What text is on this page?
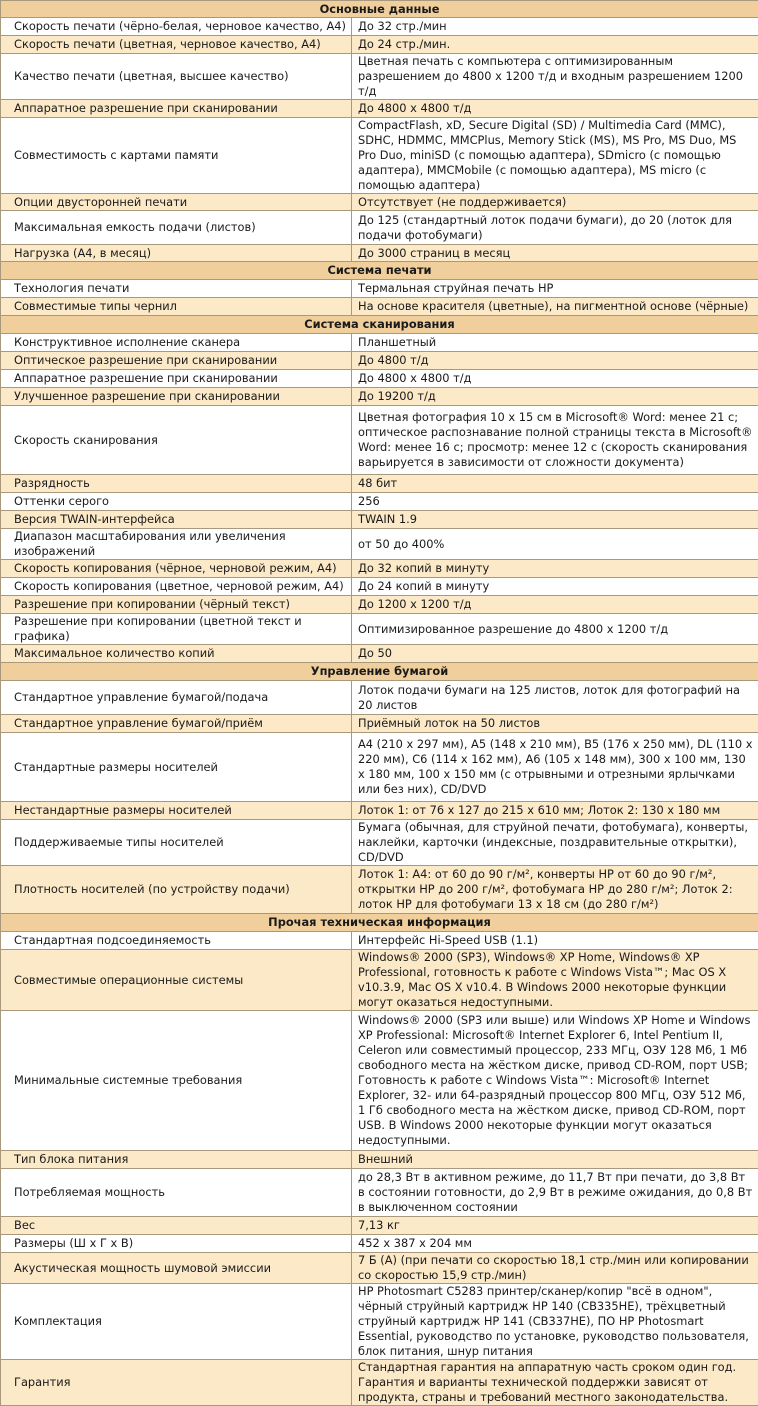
Основные данные	
Скорость печати (чёрно-белая, черновое качество, A4)	До 32 стр./мин
Скорость печати (цветная, черновое качество, A4)	До 24 стр./мин.
Качество печати (цветная, высшее качество)	Цветная печать с компьютера с оптимизированным разрешением до 4800 х 1200 т/д и входным разрешением 1200 т/д
Аппаратное разрешение при сканировании	До 4800 х 4800 т/д
Совместимость с картами памяти	CompactFlash, xD, Secure Digital (SD) / Multimedia Card (MMC), SDHC, HDMMC, MMCPlus, Memory Stick (MS), MS Pro, MS Duo, MS Pro Duo, miniSD (с помощью адаптера), SDmicro (с помощью адаптера), MMCMobile (с помощью адаптера), MS micro (с помощью адаптера)
Опции двусторонней печати	Отсутствует (не поддерживается)
Максимальная емкость подачи (листов)	До 125 (стандартный лоток подачи бумаги), до 20 (лоток для подачи фотобумаги)
Нагрузка (A4, в месяц)	До 3000 страниц в месяц
Система печати	
Технология печати	Термальная струйная печать HP
Совместимые типы чернил	На основе красителя (цветные), на пигментной основе (чёрные)
Система сканирования	
Конструктивное исполнение сканера	Планшетный
Оптическое разрешение при сканировании	До 4800 т/д
Аппаратное разрешение при сканировании	До 4800 х 4800 т/д
Улучшенное разрешение при сканировании	До 19200 т/д
Скорость сканирования	Цветная фотография 10 х 15 см в Microsoft® Word: менее 21 с; оптическое распознавание полной страницы текста в Microsoft® Word: менее 16 с; просмотр: менее 12 с (скорость сканирования варьируется в зависимости от сложности документа)
Разрядность	48 бит
Оттенки серого	256
Версия TWAIN-интерфейса	TWAIN 1.9
Диапазон масштабирования или увеличения изображений	от 50 до 400%
Скорость копирования (чёрное, черновой режим, А4)	До 32 копий в минуту
Скорость копирования (цветное, черновой режим, А4)	До 24 копий в минуту
Разрешение при копировании (чёрный текст)	До 1200 х 1200 т/д
Разрешение при копировании (цветной текст и графика)	Оптимизированное разрешение до 4800 х 1200 т/д
Максимальное количество копий	До 50
Управление бумагой	
Стандартное управление бумагой/подача	Лоток подачи бумаги на 125 листов, лоток для фотографий на 20 листов
Стандартное управление бумагой/приём	Приёмный лоток на 50 листов
Стандартные размеры носителей	A4 (210 x 297 мм), A5 (148 x 210 мм), B5 (176 x 250 мм), DL (110 x 220 мм), C6 (114 x 162 мм), A6 (105 x 148 мм), 300 х 100 мм, 130 х 180 мм, 100 х 150 мм (с отрывными и отрезными ярлычками или без них), CD/DVD
Нестандартные размеры носителей	Лоток 1: от 76 х 127 до 215 х 610 мм; Лоток 2: 130 х 180 мм
Поддерживаемые типы носителей	Бумага (обычная, для струйной печати, фотобумага), конверты, наклейки, карточки (индексные, поздравительные открытки), CD/DVD
Плотность носителей (по устройству подачи)	Лоток 1: A4: от 60 до 90 г/м², конверты HP от 60 до 90 г/м², открытки HP до 200 г/м², фотобумага HP до 280 г/м²; Лоток 2: лоток HP для фотобумаги 13 х 18 см (до 280 г/м²)
Прочая техническая информация	
Стандартная подсоединяемость	Интерфейс Hi-Speed USB (1.1)
Совместимые операционные системы	Windows® 2000 (SP3), Windows® XP Home, Windows® XP Professional, готовность к работе с Windows Vista™; Mac OS X v10.3.9, Mac OS X v10.4. В Windows 2000 некоторые функции могут оказаться недоступными.
Минимальные системные требования	Windows® 2000 (SP3 или выше) или Windows XP Home и Windows XP Professional: Microsoft® Internet Explorer 6, Intel Pentium II, Celeron или совместимый процессор, 233 МГц, ОЗУ 128 Мб, 1 Мб свободного места на жёстком диске, привод CD-ROM, порт USB; Готовность к работе с Windows Vista™: Microsoft® Internet Explorer, 32- или 64-разрядный процессор 800 МГц, ОЗУ 512 Мб, 1 Гб свободного места на жёстком диске, привод CD-ROM, порт USB. В Windows 2000 некоторые функции могут оказаться недоступными.
Тип блока питания	Внешний
Потребляемая мощность	до 28,3 Вт в активном режиме, до 11,7 Вт при печати, до 3,8 Вт в состоянии готовности, до 2,9 Вт в режиме ожидания, до 0,8 Вт в выключенном состоянии
Вес	7,13 кг
Размеры (Ш х Г х В)	452 х 387 х 204 мм
Акустическая мощность шумовой эмиссии	7 Б (А) (при печати со скоростью 18,1 стр./мин или копировании со скоростью 15,9 стр./мин)
Комплектация	HP Photosmart C5283 принтер/сканер/копир "всё в одном", чёрный струйный картридж HP 140 (CB335HE), трёхцветный струйный картридж HP 141 (CB337HE), ПО HP Photosmart Essential, руководство по установке, руководство пользователя, блок питания, шнур питания
Гарантия	Стандартная гарантия на аппаратную часть сроком один год. Гарантия и варианты технической поддержки зависят от продукта, страны и требований местного законодательства.
